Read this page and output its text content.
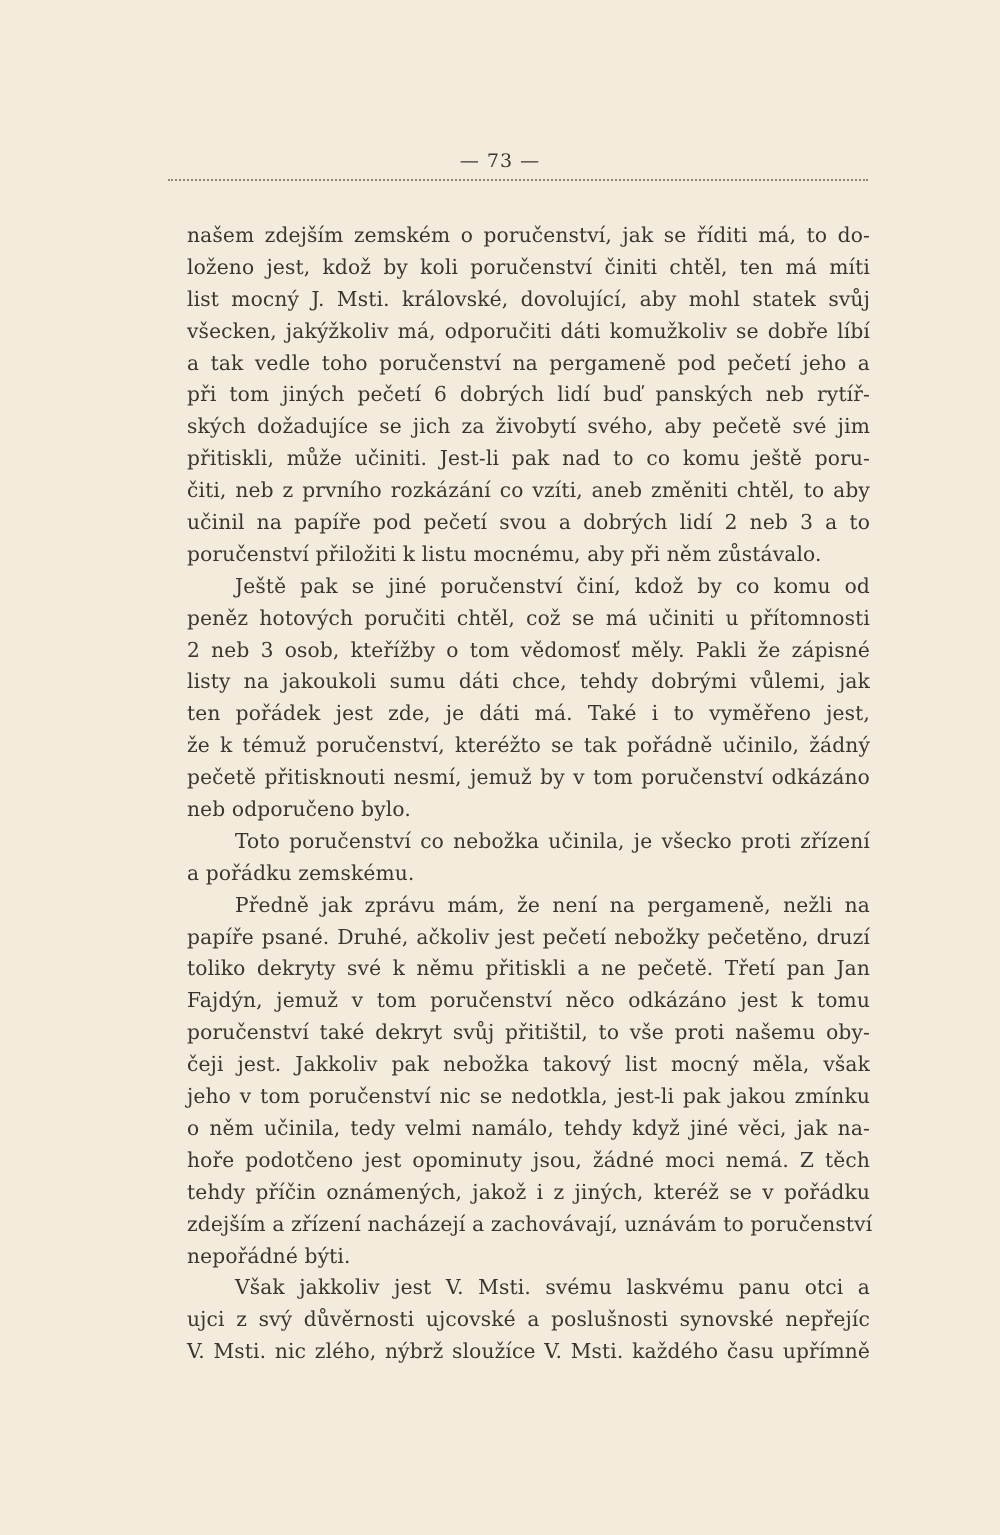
— 73 —
našem zdejším zemském o poručenství, jak se říditi má, to do-
loženo jest, kdož by koli poručenství činiti chtěl, ten má míti
list mocný J. Msti. královské, dovolující, aby mohl statek svůj
všecken, jakýžkoliv má, odporučiti dáti komužkoliv se dobře líbí
a tak vedle toho poručenství na pergameně pod pečetí jeho a
při tom jiných pečetí 6 dobrých lidí buď panských neb rytíř-
ských dožadujíce se jich za živobytí svého, aby pečetě své jim
přitiskli, může učiniti. Jest-li pak nad to co komu ještě poru-
čiti, neb z prvního rozkázání co vzíti, aneb změniti chtěl, to aby
učinil na papíře pod pečetí svou a dobrých lidí 2 neb 3 a to
poručenství přiložiti k listu mocnému, aby při něm zůstávalo.
Ještě pak se jiné poručenství činí, kdož by co komu od
peněz hotových poručiti chtěl, což se má učiniti u přítomnosti
2 neb 3 osob, kteřížby o tom vědomosť měly. Pakli že zápisné
listy na jakoukoli sumu dáti chce, tehdy dobrými vůlemi, jak
ten pořádek jest zde, je dáti má. Také i to vyměřeno jest,
že k témuž poručenství, kteréžto se tak pořádně učinilo, žádný
pečetě přitisknouti nesmí, jemuž by v tom poručenství odkázáno
neb odporučeno bylo.
Toto poručenství co nebožka učinila, je všecko proti zřízení
a pořádku zemskému.
Předně jak zprávu mám, že není na pergameně, nežli na
papíře psané. Druhé, ačkoliv jest pečetí nebožky pečetěno, druzí
toliko dekryty své k němu přitiskli a ne pečetě. Třetí pan Jan
Fajdýn, jemuž v tom poručenství něco odkázáno jest k tomu
poručenství také dekryt svůj přitištil, to vše proti našemu oby-
čeji jest. Jakkoliv pak nebožka takový list mocný měla, však
jeho v tom poručenství nic se nedotkla, jest-li pak jakou zmínku
o něm učinila, tedy velmi namálo, tehdy když jiné věci, jak na-
hoře podotčeno jest opominuty jsou, žádné moci nemá. Z těch
tehdy příčin oznámených, jakož i z jiných, kteréž se v pořádku
zdejším a zřízení nacházejí a zachovávají, uznávám to poručenství
nepořádné býti.
Však jakkoliv jest V. Msti. svému laskvému panu otci a
ujci z svý důvěrnosti ujcovské a poslušnosti synovské nepřejíc
V. Msti. nic zlého, nýbrž sloužíce V. Msti. každého času upřímně
